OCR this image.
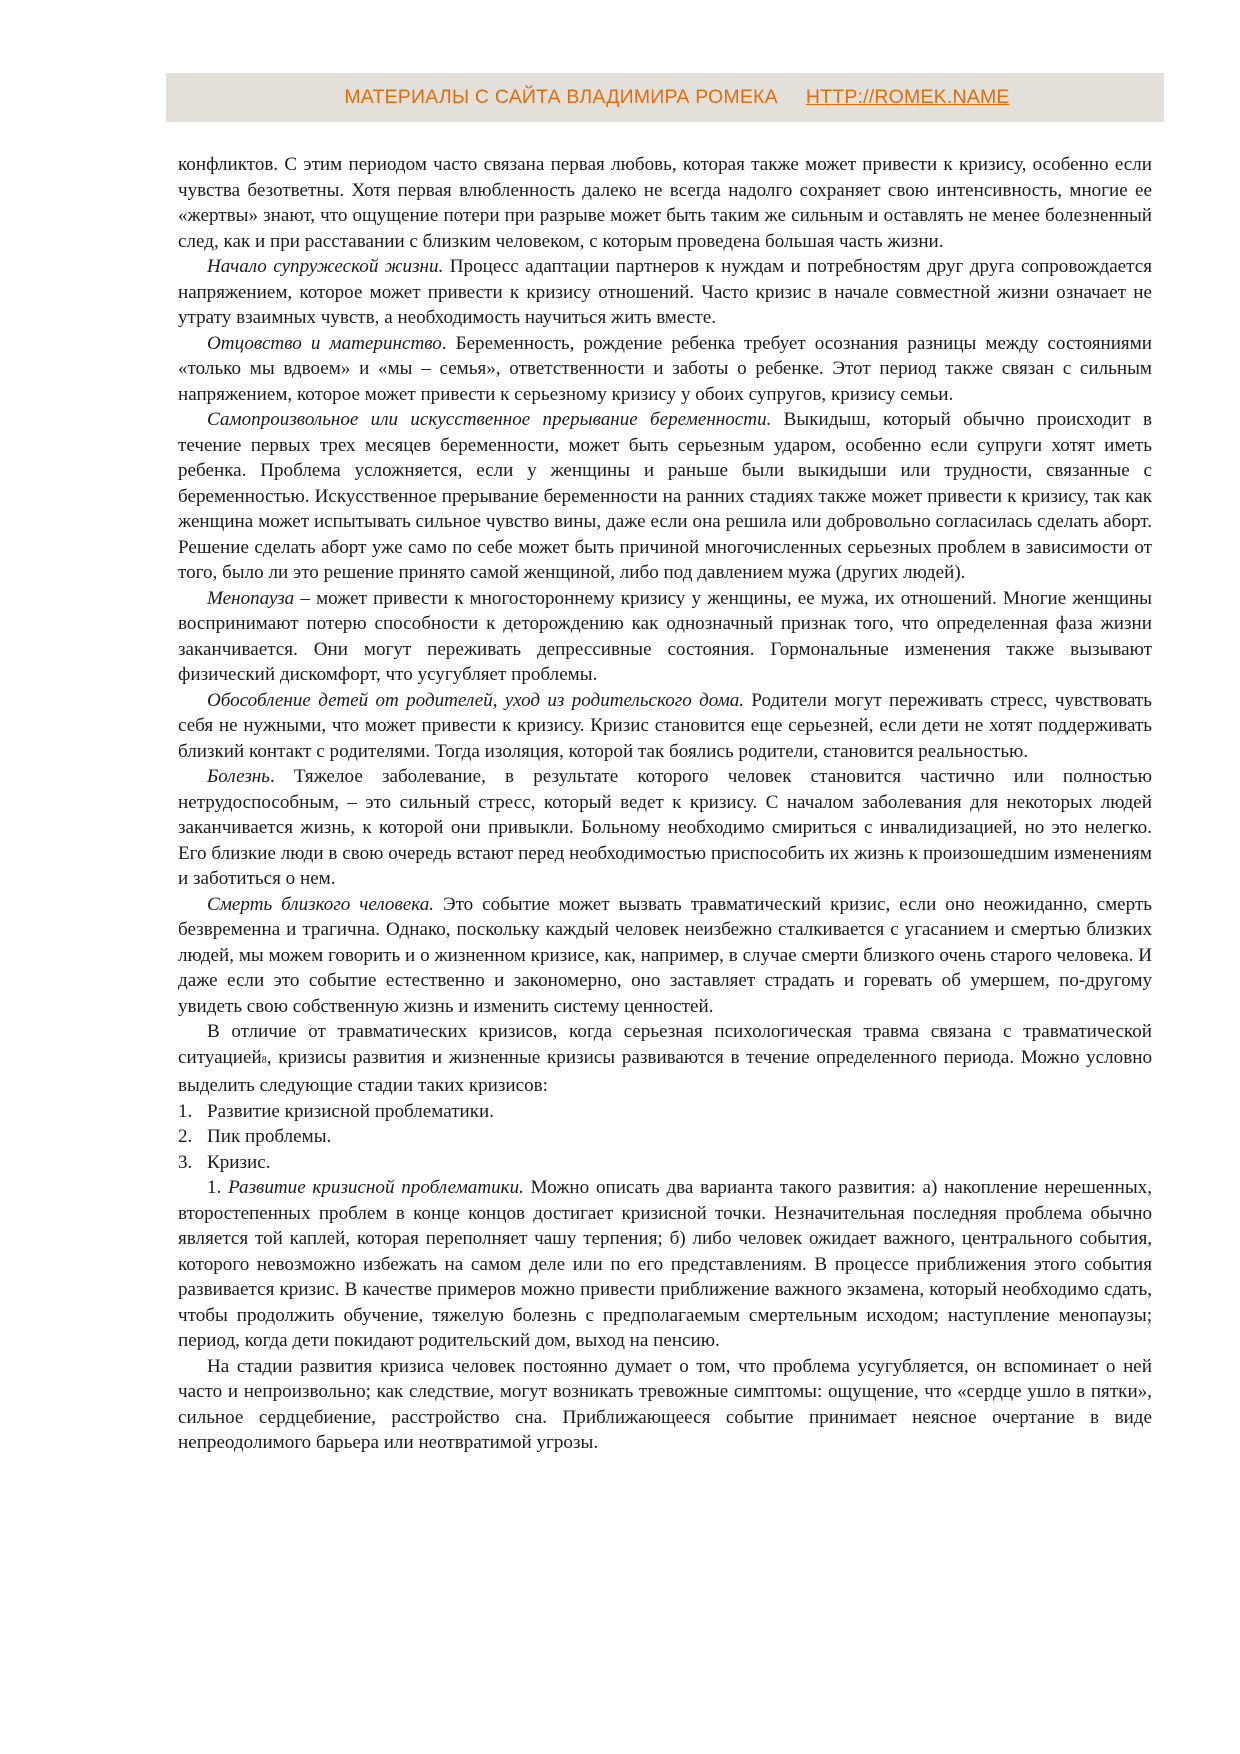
МАТЕРИАЛЫ С САЙТА ВЛАДИМИРА РОМЕКА HTTP://ROMEK.NAME

конфликтов. С этим периодом часто связана первая любовь, которая также может привести к кризису, особенно если чувства безответны. Хотя первая влюбленность далеко не всегда надолго сохраняет свою интенсивность, многие ее «жертвы» знают, что ощущение потери при разрыве может быть таким же сильным и оставлять не менее болезненный след, как и при расставании с близким человеком, с которым проведена большая часть жизни.

Начало супружеской жизни. Процесс адаптации партнеров к нуждам и потребностям друг друга сопровождается напряжением, которое может привести к кризису отношений. Часто кризис в начале совместной жизни означает не утрату взаимных чувств, а необходимость научиться жить вместе.

Отцовство и материнство. Беременность, рождение ребенка требует осознания разницы между состояниями «только мы вдвоем» и «мы – семья», ответственности и заботы о ребенке. Этот период также связан с сильным напряжением, которое может привести к серьезному кризису у обоих супругов, кризису семьи.

Самопроизвольное или искусственное прерывание беременности. Выкидыш, который обычно происходит в течение первых трех месяцев беременности, может быть серьезным ударом, особенно если супруги хотят иметь ребенка. Проблема усложняется, если у женщины и раньше были выкидыши или трудности, связанные с беременностью. Искусственное прерывание беременности на ранних стадиях также может привести к кризису, так как женщина может испытывать сильное чувство вины, даже если она решила или добровольно согласилась сделать аборт. Решение сделать аборт уже само по себе может быть причиной многочисленных серьезных проблем в зависимости от того, было ли это решение принято самой женщиной, либо под давлением мужа (других людей).

Менопауза – может привести к многостороннему кризису у женщины, ее мужа, их отношений. Многие женщины воспринимают потерю способности к деторождению как однозначный признак того, что определенная фаза жизни заканчивается. Они могут переживать депрессивные состояния. Гормональные изменения также вызывают физический дискомфорт, что усугубляет проблемы.

Обособление детей от родителей, уход из родительского дома. Родители могут переживать стресс, чувствовать себя не нужными, что может привести к кризису. Кризис становится еще серьезней, если дети не хотят поддерживать близкий контакт с родителями. Тогда изоляция, которой так боялись родители, становится реальностью.

Болезнь. Тяжелое заболевание, в результате которого человек становится частично или полностью нетрудоспособным, – это сильный стресс, который ведет к кризису. С началом заболевания для некоторых людей заканчивается жизнь, к которой они привыкли. Больному необходимо смириться с инвалидизацией, но это нелегко. Его близкие люди в свою очередь встают перед необходимостью приспособить их жизнь к произошедшим изменениям и заботиться о нем.

Смерть близкого человека. Это событие может вызвать травматический кризис, если оно неожиданно, смерть безвременна и трагична. Однако, поскольку каждый человек неизбежно сталкивается с угасанием и смертью близких людей, мы можем говорить и о жизненном кризисе, как, например, в случае смерти близкого очень старого человека. И даже если это событие естественно и закономерно, оно заставляет страдать и горевать об умершем, по-другому увидеть свою собственную жизнь и изменить систему ценностей.

В отличие от травматических кризисов, когда серьезная психологическая травма связана с травматической ситуацией8, кризисы развития и жизненные кризисы развиваются в течение определенного периода. Можно условно выделить следующие стадии таких кризисов:

1. Развитие кризисной проблематики.
2. Пик проблемы.
3. Кризис.

1. Развитие кризисной проблематики. Можно описать два варианта такого развития: а) накопление нерешенных, второстепенных проблем в конце концов достигает кризисной точки. Незначительная последняя проблема обычно является той каплей, которая переполняет чашу терпения; б) либо человек ожидает важного, центрального события, которого невозможно избежать на самом деле или по его представлениям. В процессе приближения этого события развивается кризис. В качестве примеров можно привести приближение важного экзамена, который необходимо сдать, чтобы продолжить обучение, тяжелую болезнь с предполагаемым смертельным исходом; наступление менопаузы; период, когда дети покидают родительский дом, выход на пенсию.

На стадии развития кризиса человек постоянно думает о том, что проблема усугубляется, он вспоминает о ней часто и непроизвольно; как следствие, могут возникать тревожные симптомы: ощущение, что «сердце ушло в пятки», сильное сердцебиение, расстройство сна. Приближающееся событие принимает неясное очертание в виде непреодолимого барьера или неотвратимой угрозы.
